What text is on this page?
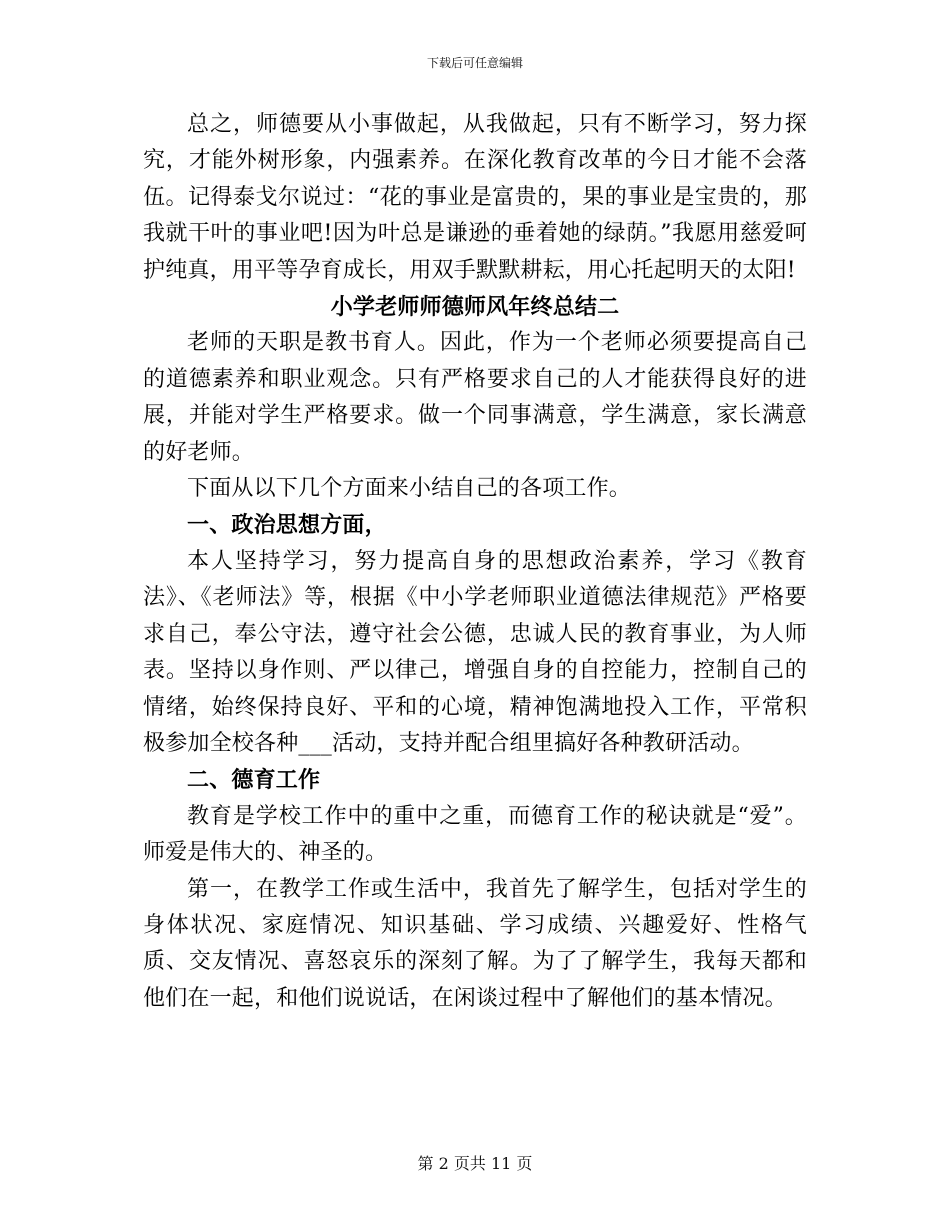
下载后可任意编辑

总之，师德要从小事做起，从我做起，只有不断学习，努力探究，才能外树形象，内强素养。在深化教育改革的今日才能不会落伍。记得泰戈尔说过：“花的事业是富贵的，果的事业是宝贵的，那我就干叶的事业吧!因为叶总是谦逊的垂着她的绿荫。”我愿用慈爱呵护纯真，用平等孕育成长，用双手默默耕耘，用心托起明天的太阳!

小学老师师德师风年终总结二

老师的天职是教书育人。因此，作为一个老师必须要提高自己的道德素养和职业观念。只有严格要求自己的人才能获得良好的进展，并能对学生严格要求。做一个同事满意，学生满意，家长满意的好老师。

下面从以下几个方面来小结自己的各项工作。

一、政治思想方面，

本人坚持学习，努力提高自身的思想政治素养，学习《教育法》、《老师法》等，根据《中小学老师职业道德法律规范》严格要求自己，奉公守法，遵守社会公德，忠诚人民的教育事业，为人师表。坚持以身作则、严以律己，增强自身的自控能力，控制自己的情绪，始终保持良好、平和的心境，精神饱满地投入工作，平常积极参加全校各种___活动，支持并配合组里搞好各种教研活动。

二、德育工作

教育是学校工作中的重中之重，而德育工作的秘诀就是“爱”。师爱是伟大的、神圣的。

第一，在教学工作或生活中，我首先了解学生，包括对学生的身体状况、家庭情况、知识基础、学习成绩、兴趣爱好、性格气质、交友情况、喜怒哀乐的深刻了解。为了了解学生，我每天都和他们在一起，和他们说说话，在闲谈过程中了解他们的基本情况。

第 2 页共 11 页
